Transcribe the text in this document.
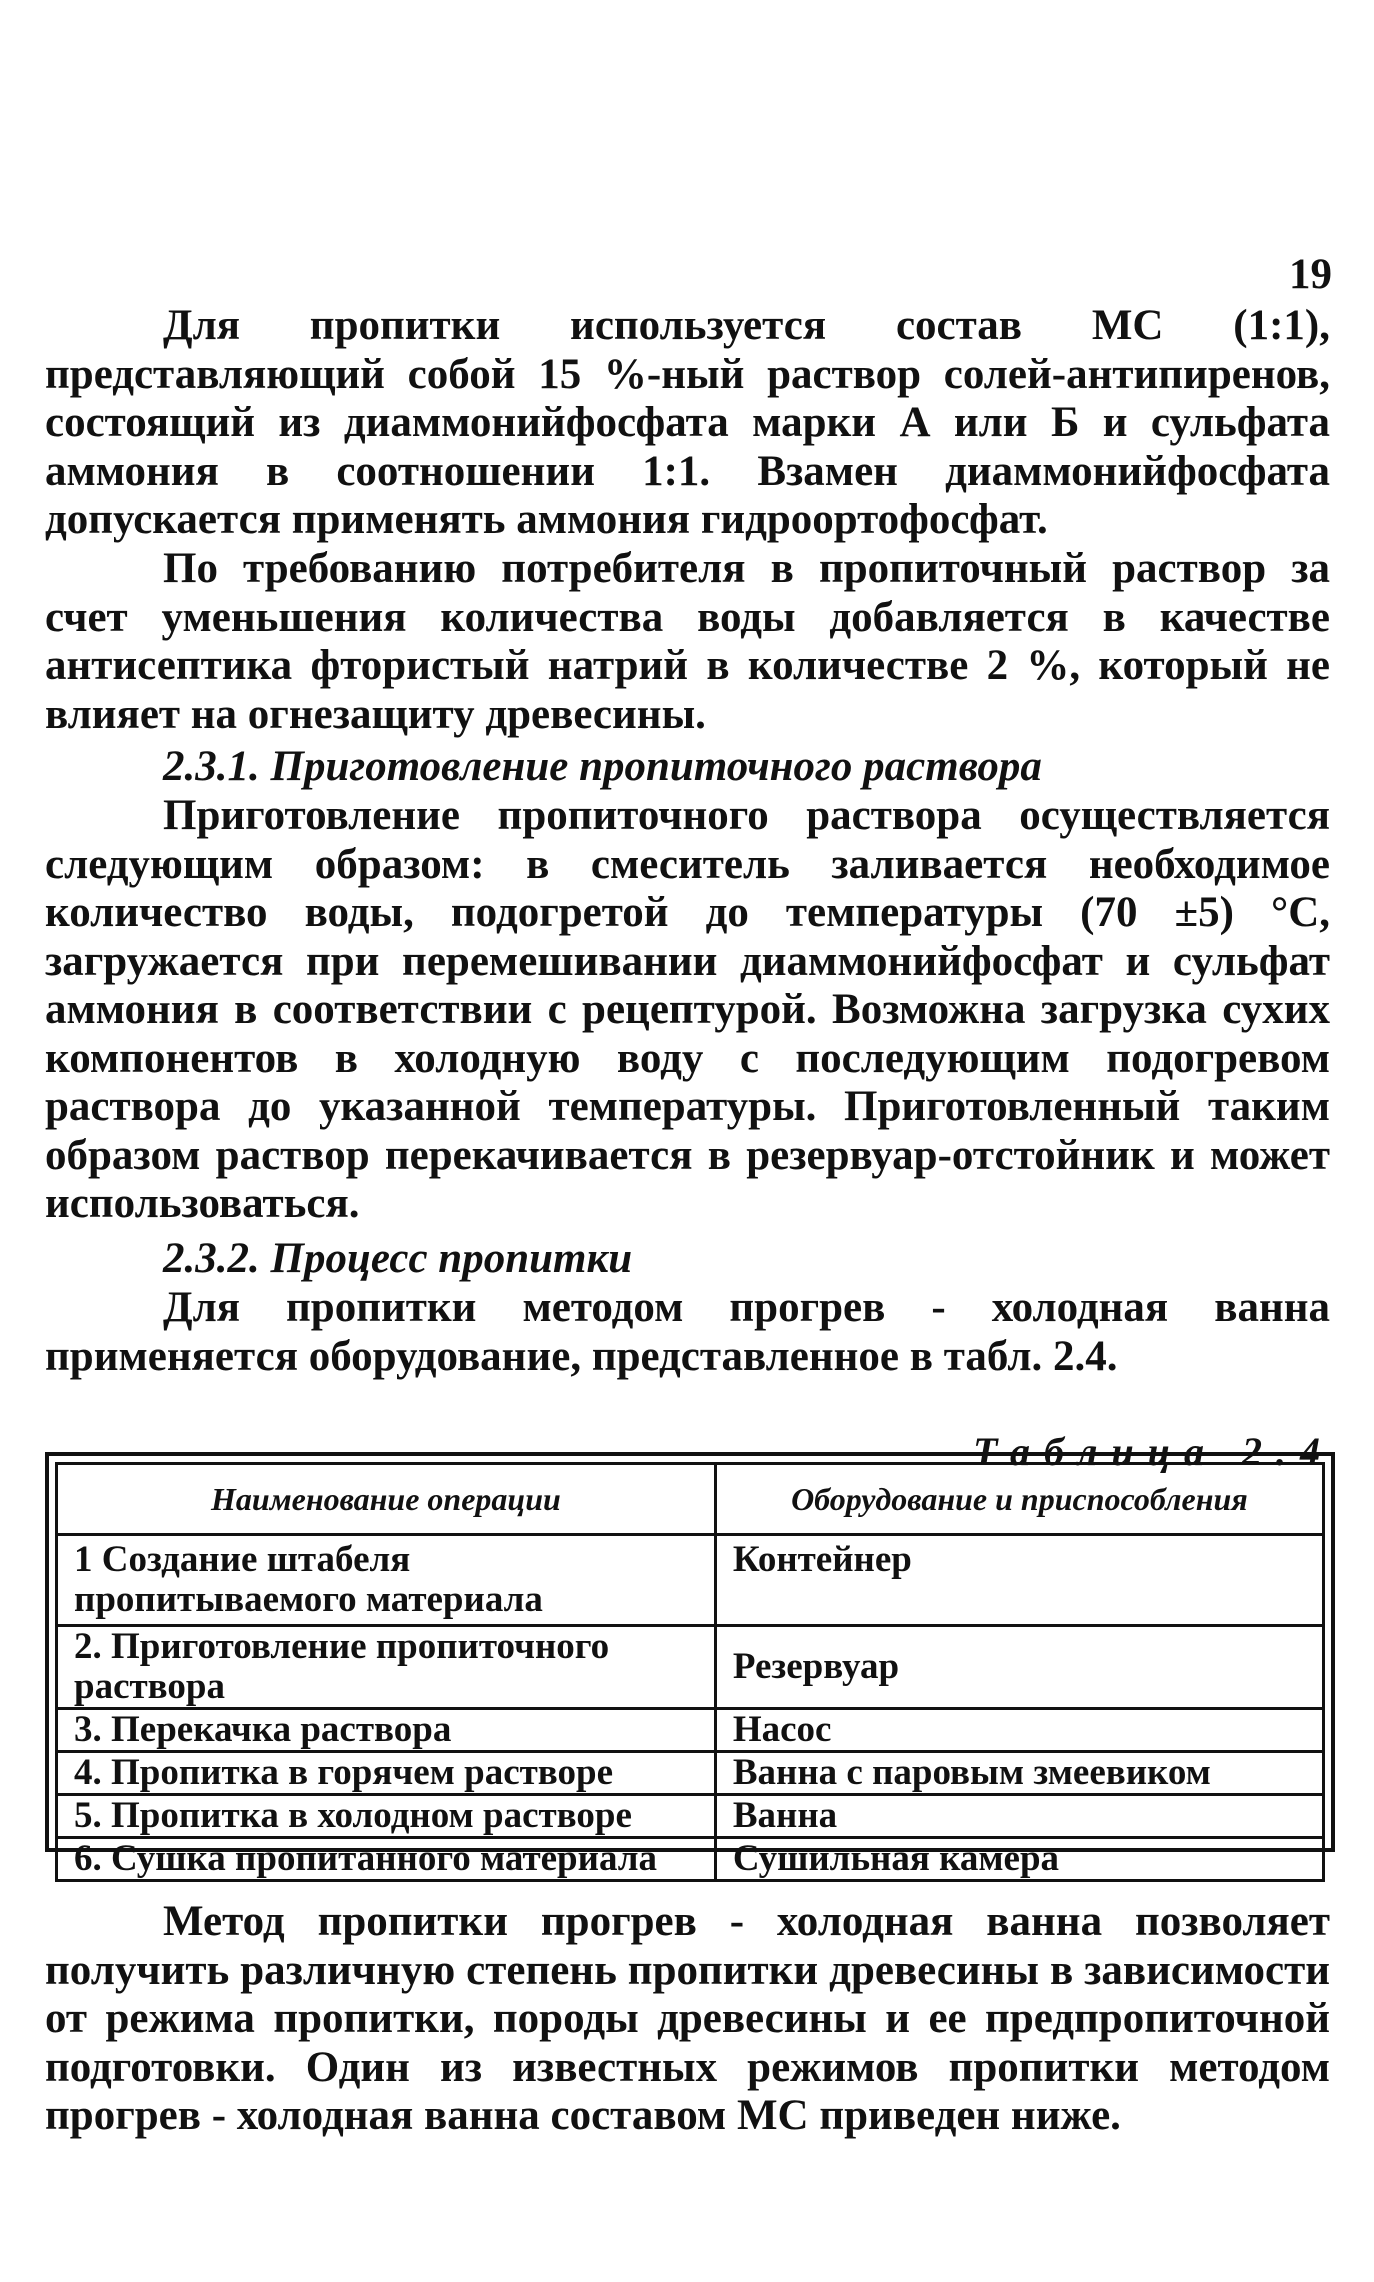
19

Для пропитки используется состав МС (1:1), представляющий собой 15 %-ный раствор солей-антипиренов, состоящий из диаммонийфосфата марки А или Б и сульфата аммония в соотношении 1:1. Взамен диаммонийфосфата допускается применять аммония гидроортофосфат.

По требованию потребителя в пропиточный раствор за счет уменьшения количества воды добавляется в качестве антисептика фтористый натрий в количестве 2 %, который не влияет на огнезащиту древесины.

2.3.1. Приготовление пропиточного раствора

Приготовление пропиточного раствора осуществляется следующим образом: в смеситель заливается необходимое количество воды, подогретой до температуры (70 ±5) °С, загружается при перемешивании диаммонийфосфат и сульфат аммония в соответствии с рецептурой. Возможна загрузка сухих компонентов в холодную воду с последующим подогревом раствора до указанной температуры. Приготовленный таким образом раствор перекачивается в резервуар-отстойник и может использоваться.

2.3.2. Процесс пропитки

Для пропитки методом прогрев - холодная ванна применяется оборудование, представленное в табл. 2.4.

Таблица 2.4
Наименование операции	Оборудование и приспособления
1 Создание штабеля пропитываемого материала	Контейнер
2. Приготовление пропиточного раствора	Резервуар
3. Перекачка раствора	Насос
4. Пропитка в горячем растворе	Ванна с паровым змеевиком
5. Пропитка в холодном растворе	Ванна
6. Сушка пропитанного материала	Сушильная камера

Метод пропитки прогрев - холодная ванна позволяет получить различную степень пропитки древесины в зависимости от режима пропитки, породы древесины и ее предпропиточной подготовки. Один из известных режимов пропитки методом прогрев - холодная ванна составом МС приведен ниже.
